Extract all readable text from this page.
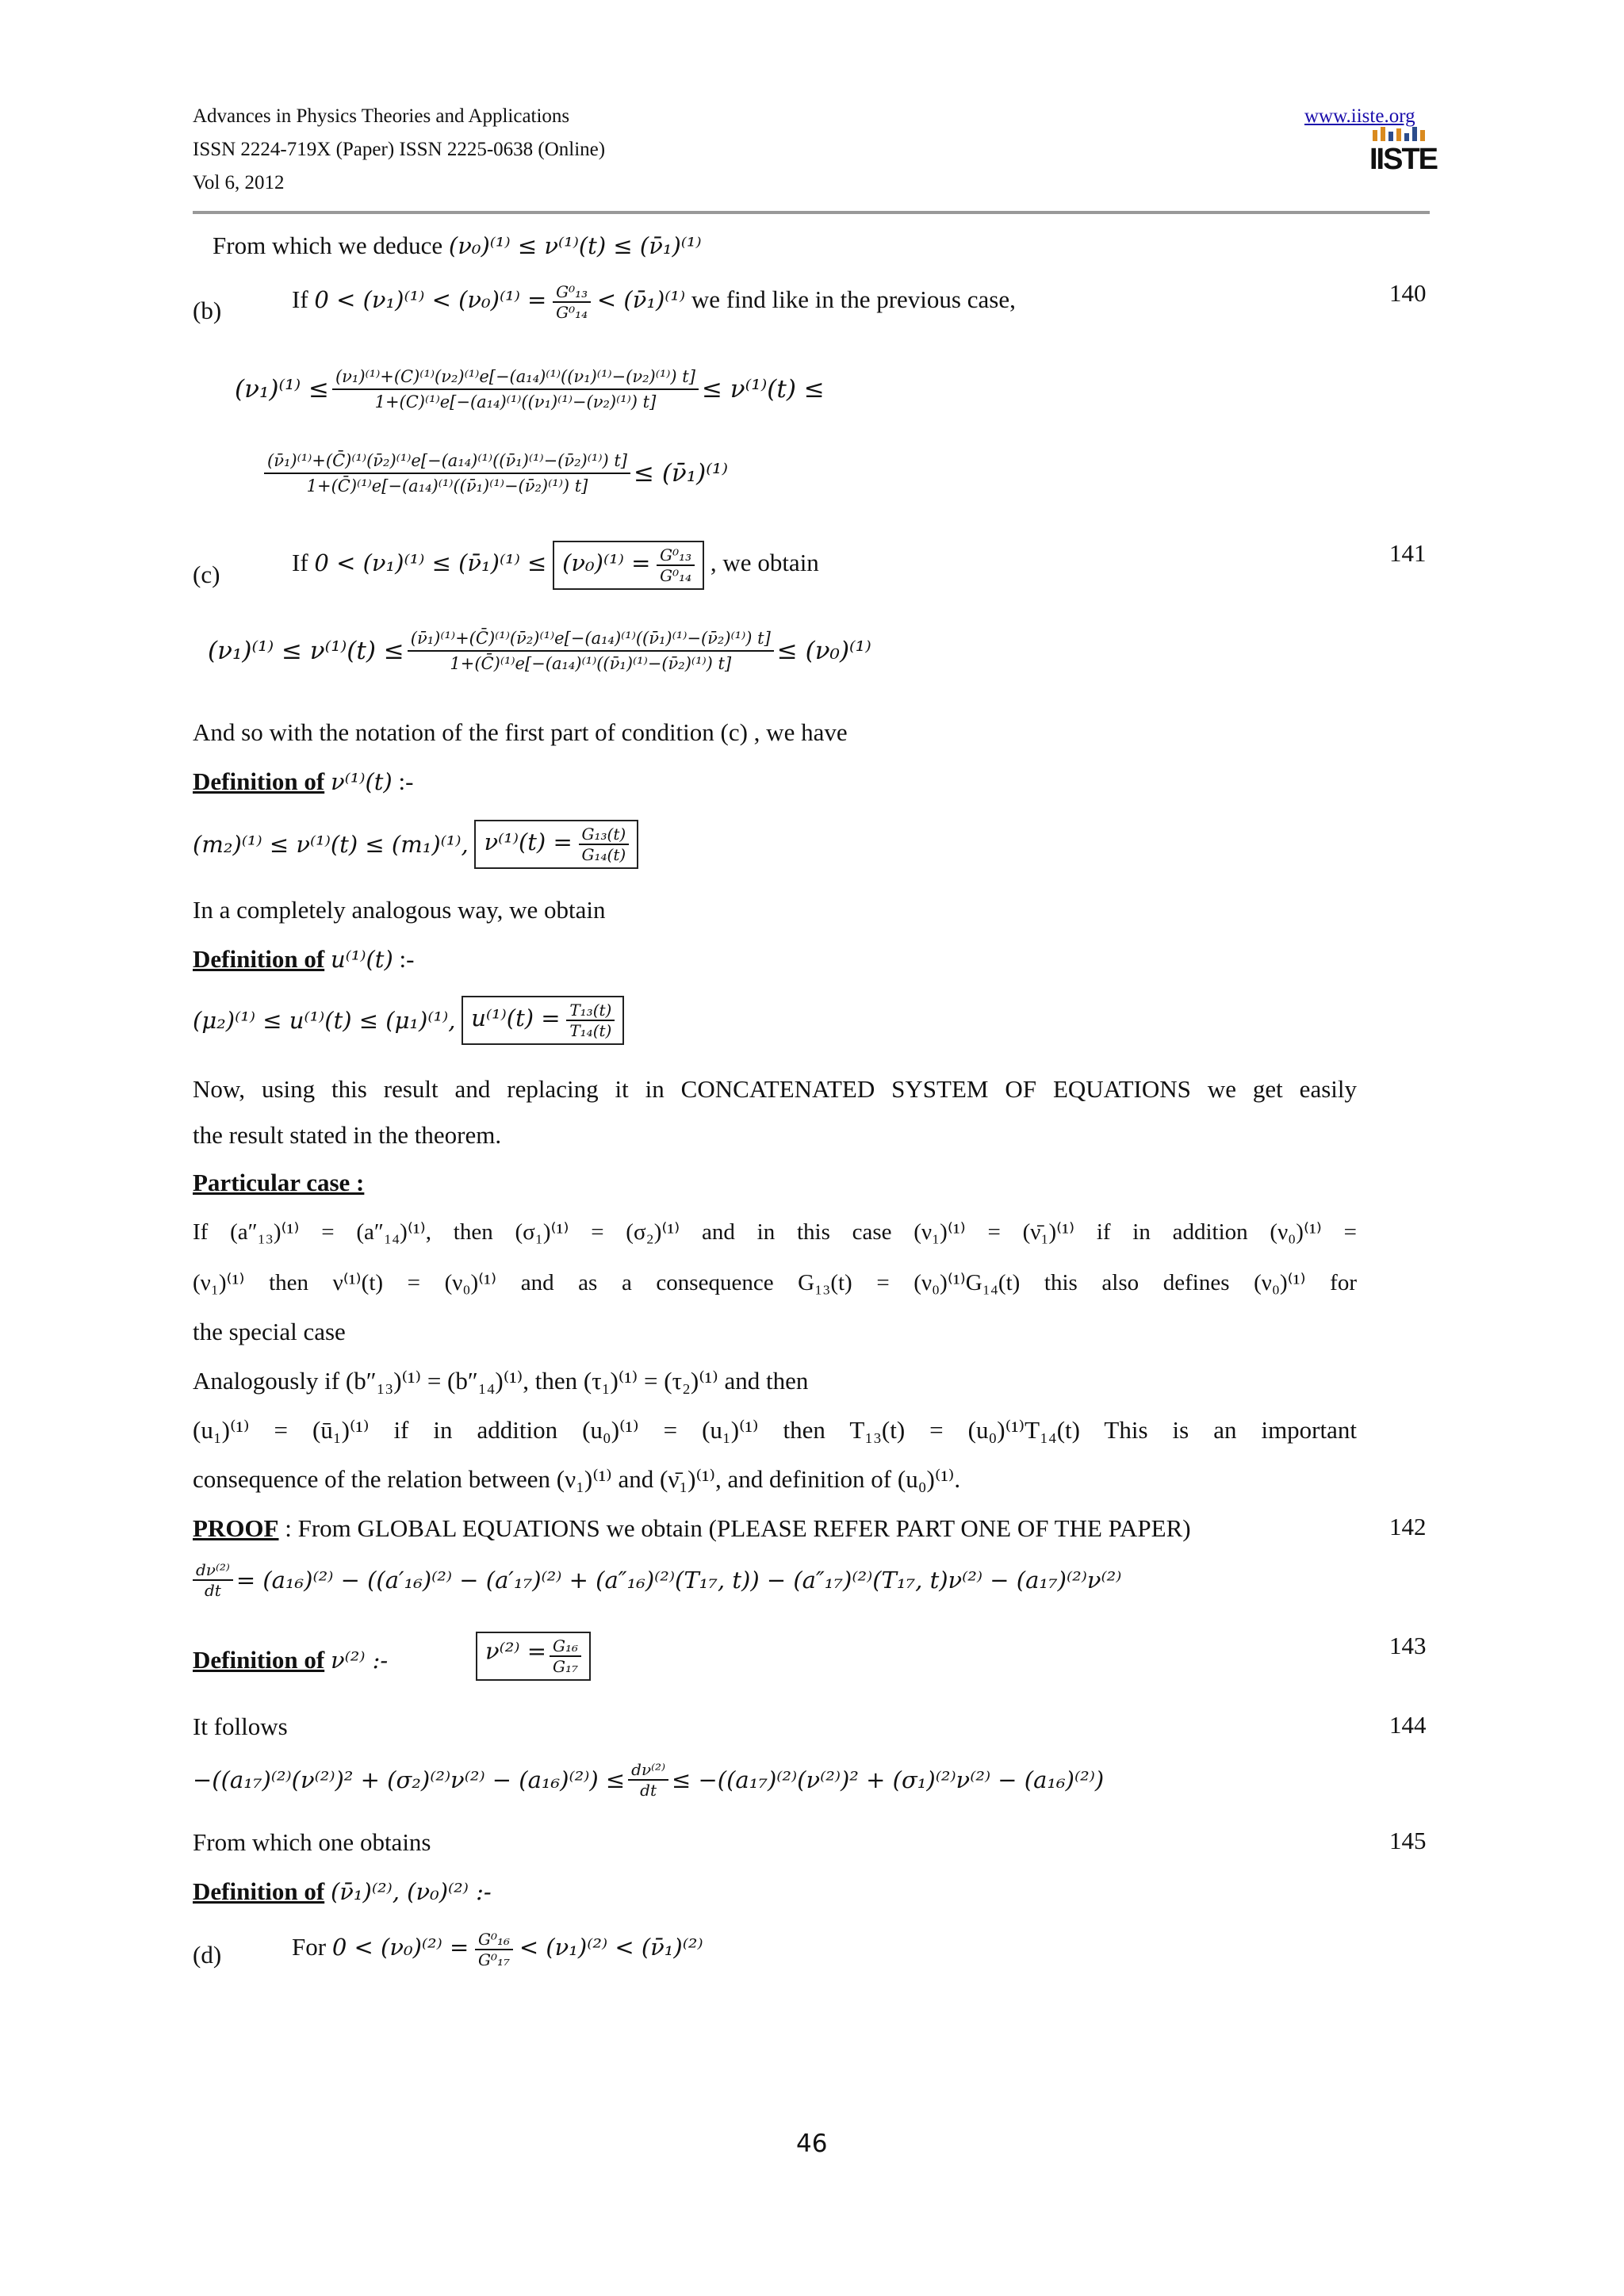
Advances in Physics Theories and Applications
ISSN 2224-719X (Paper) ISSN 2225-0638 (Online)
Vol 6, 2012
www.iiste.org
IISTE
From which we deduce (ν₀)⁽¹⁾ ≤ ν⁽¹⁾(t) ≤ (ν̄₁)⁽¹⁾
(b)	If $0 < (\nu_1)^{(1)} < (\nu_0)^{(1)} = \frac{\text{G⁰₁₃}}{\text{G⁰₁₄}}$ < (ν̄₁)⁽¹⁾ we find like in the previous case,	140
$(\nu_1)^{(1)} \le \frac{\text{(ν₁)⁽¹⁾+(C)⁽¹⁾(ν₂)⁽¹⁾e[−(a₁₄)⁽¹⁾((ν₁)⁽¹⁾−(ν₂)⁽¹⁾) t]}}{\text{1+(C)⁽¹⁾e[−(a₁₄)⁽¹⁾((ν₁)⁽¹⁾−(ν₂)⁽¹⁾) t]}} \le \nu^{(1)}(t)$ ≤
$\frac{\text{(ν̄₁)⁽¹⁾+(C̄)⁽¹⁾(ν̄₂)⁽¹⁾e[−(a₁₄)⁽¹⁾((ν̄₁)⁽¹⁾−(ν̄₂)⁽¹⁾) t]}}{\text{1+(C̄)⁽¹⁾e[−(a₁₄)⁽¹⁾((ν̄₁)⁽¹⁾−(ν̄₂)⁽¹⁾) t]}}$ ≤ (ν̄₁)⁽¹⁾
(c)	If 0 < (ν₁)⁽¹⁾ ≤ (ν̄₁)⁽¹⁾ ≤ $(\nu_0)^{(1)} = \frac{\text{G⁰₁₃}}{\text{G⁰₁₄}}$ , we obtain	141
$(\nu_1)^{(1)} \le \nu^{(1)}(t) \le \frac{\text{(ν̄₁)⁽¹⁾+(C̄)⁽¹⁾(ν̄₂)⁽¹⁾e[−(a₁₄)⁽¹⁾((ν̄₁)⁽¹⁾−(ν̄₂)⁽¹⁾) t]}}{\text{1+(C̄)⁽¹⁾e[−(a₁₄)⁽¹⁾((ν̄₁)⁽¹⁾−(ν̄₂)⁽¹⁾) t]}} \le (\nu_0)^{(1)}$
And so with the notation of the first part of condition (c) , we have
Definition of ν⁽¹⁾(t) :-
(m₂)⁽¹⁾ ≤ ν⁽¹⁾(t) ≤ (m₁)⁽¹⁾, $\nu^{(1)}(t) = \frac{\text{G₁₃(t)}}{\text{G₁₄(t)}}$
In a completely analogous way, we obtain
Definition of u⁽¹⁾(t) :-
(μ₂)⁽¹⁾ ≤ u⁽¹⁾(t) ≤ (μ₁)⁽¹⁾, $u^{(1)}(t) = \frac{\text{T₁₃(t)}}{\text{T₁₄(t)}}$
Now, using this result and replacing it in CONCATENATED SYSTEM OF EQUATIONS we get easily
the result stated in the theorem.
Particular case :
If (a″₁₃)⁽¹⁾ = (a″₁₄)⁽¹⁾, then (σ₁)⁽¹⁾ = (σ₂)⁽¹⁾ and in this case (ν₁)⁽¹⁾ = (ν̄₁)⁽¹⁾ if in addition (ν₀)⁽¹⁾ =
(ν₁)⁽¹⁾ then ν⁽¹⁾(t) = (ν₀)⁽¹⁾ and as a consequence G₁₃(t) = (ν₀)⁽¹⁾G₁₄(t) this also defines (ν₀)⁽¹⁾ for
the special case
Analogously if (b″₁₃)⁽¹⁾ = (b″₁₄)⁽¹⁾, then (τ₁)⁽¹⁾ = (τ₂)⁽¹⁾ and then
(u₁)⁽¹⁾ = (ū₁)⁽¹⁾ if in addition (u₀)⁽¹⁾ = (u₁)⁽¹⁾ then T₁₃(t) = (u₀)⁽¹⁾T₁₄(t) This is an important
consequence of the relation between (ν₁)⁽¹⁾ and (ν̄₁)⁽¹⁾, and definition of (u₀)⁽¹⁾.
PROOF : From GLOBAL EQUATIONS we obtain (PLEASE REFER PART ONE OF THE PAPER)	142
$\frac{\text{dν⁽²⁾}}{dt} = (a_{16})^{(2)} - ((a'_{16})^{(2)} - (a'_{17})^{(2)} + (a''_{16})^{(2)}(T_{17}$, t)) − (a″₁₇)⁽²⁾(T₁₇, t)ν⁽²⁾ − (a₁₇)⁽²⁾ν⁽²⁾
Definition of ν⁽²⁾ :-	$\nu^{(2)} = \frac{\text{G₁₆}}{\text{G₁₇}}$	143
It follows	144
$-((a_{17})^{(2)}(\nu^{(2)})^2 + (\sigma_2)^{(2)}\nu^{(2)} - (a_{16})^{(2)}) \le \frac{\text{dν⁽²⁾}}{dt} \le -((a_{17})^{(2)}(\nu^{(2)})^2 + (\sigma_1)^{(2)}\nu^{(2)} - (a_{16})^{(2)})$
From which one obtains	145
Definition of (ν̄₁)⁽²⁾, (ν₀)⁽²⁾ :-
(d)	For $0 < (\nu_0)^{(2)} = \frac{\text{G⁰₁₆}}{\text{G⁰₁₇}} < (\nu_1)^{(2)}$ < (ν̄₁)⁽²⁾
46
